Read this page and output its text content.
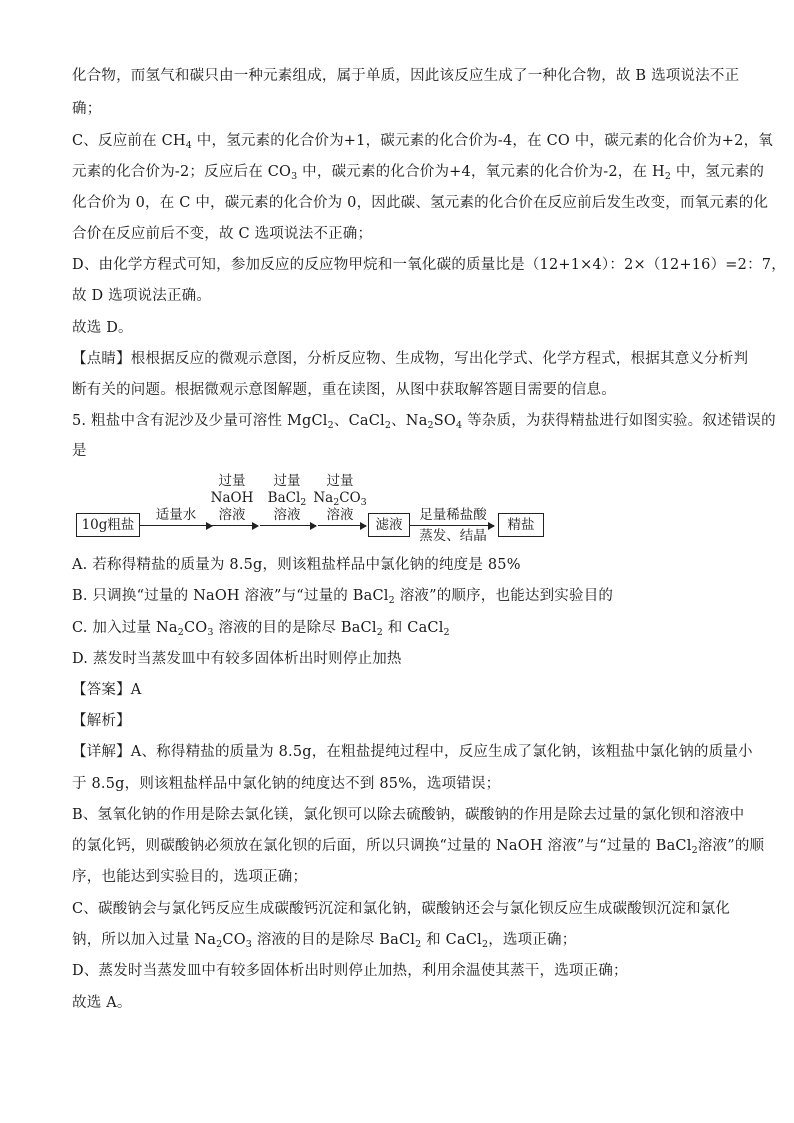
化合物，而氢气和碳只由一种元素组成，属于单质，因此该反应生成了一种化合物，故 B 选项说法不正
确；
C、反应前在 $CH_4$ 中，氢元素的化合价为+1，碳元素的化合价为-4，在 CO 中，碳元素的化合价为+2，氧
元素的化合价为-2；反应后在 $CO_3$ 中，碳元素的化合价为+4，氧元素的化合价为-2，在 $H_2$ 中，氢元素的
化合价为 0，在 C 中，碳元素的化合价为 0，因此碳、氢元素的化合价在反应前后发生改变，而氧元素的化
合价在反应前后不变，故 C 选项说法不正确；
D、由化学方程式可知，参加反应的反应物甲烷和一氧化碳的质量比是（12+1×4）：2×（12+16）=2：7，
故 D 选项说法正确。
故选 D。
【点睛】根根据反应的微观示意图，分析反应物、生成物，写出化学式、化学方程式，根据其意义分析判
断有关的问题。根据微观示意图解题，重在读图，从图中获取解答题目需要的信息。
5. 粗盐中含有泥沙及少量可溶性 MgCl$_2$、CaCl$_2$、$Na_2SO_4$ 等杂质，为获得精盐进行如图实验。叙述错误的
是
10g粗盐
适量水
过量
NaOH
溶液
过量
BaCl$_2$
溶液
过量
$Na_2CO_3$
溶液
滤液
足量稀盐酸
蒸发、结晶
精盐
A. 若称得精盐的质量为 8.5g，则该粗盐样品中氯化钠的纯度是 85%
B. 只调换“过量的 NaOH 溶液”与“过量的 BaCl$_2$ 溶液”的顺序，也能达到实验目的
C. 加入过量 $Na_2CO_3$ 溶液的目的是除尽 BaCl$_2$ 和 CaCl$_2$
D. 蒸发时当蒸发皿中有较多固体析出时则停止加热
【答案】A
【解析】
【详解】A、称得精盐的质量为 8.5g，在粗盐提纯过程中，反应生成了氯化钠，该粗盐中氯化钠的质量小
于 8.5g，则该粗盐样品中氯化钠的纯度达不到 85%，选项错误；
B、氢氧化钠的作用是除去氯化镁，氯化钡可以除去硫酸钠，碳酸钠的作用是除去过量的氯化钡和溶液中
的氯化钙，则碳酸钠必须放在氯化钡的后面，所以只调换“过量的 NaOH 溶液”与“过量的 BaCl$_2$溶液”的顺
序，也能达到实验目的，选项正确；
C、碳酸钠会与氯化钙反应生成碳酸钙沉淀和氯化钠，碳酸钠还会与氯化钡反应生成碳酸钡沉淀和氯化
钠，所以加入过量 $Na_2CO_3$ 溶液的目的是除尽 BaCl$_2$ 和 CaCl$_2$，选项正确；
D、蒸发时当蒸发皿中有较多固体析出时则停止加热，利用余温使其蒸干，选项正确；
故选 A。
